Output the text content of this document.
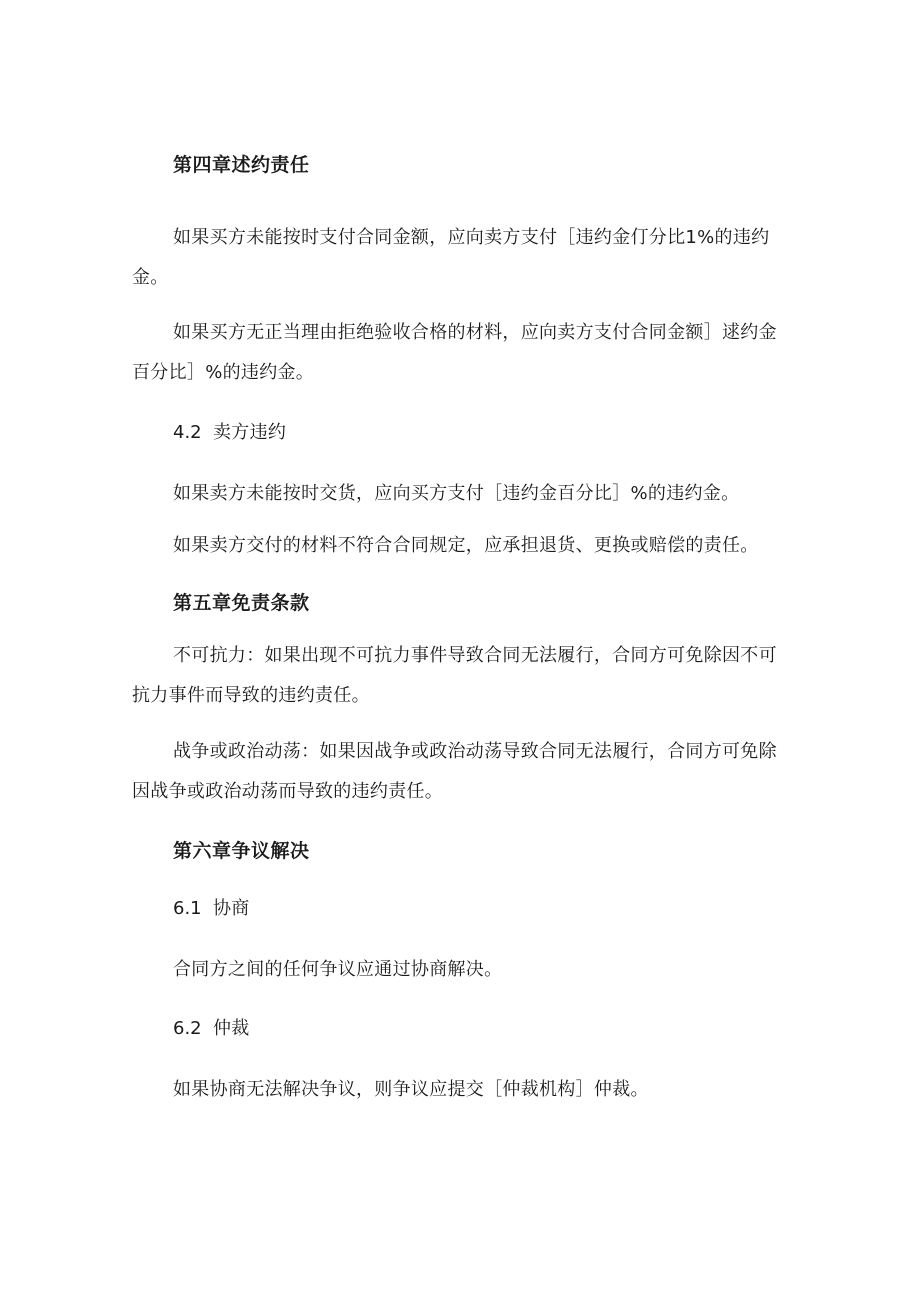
第四章述约责任
如果买方未能按时支付合同金额，应向卖方支付［违约金仃分比1%的违约
金。
如果买方无正当理由拒绝验收合格的材料，应向卖方支付合同金额］逑约金
百分比］%的违约金。
4.2 卖方违约
如果卖方未能按时交货，应向买方支付［违约金百分比］%的违约金。
如果卖方交付的材料不符合合同规定，应承担退货、更换或赔偿的责任。
第五章免责条款
不可抗力：如果出现不可抗力事件导致合同无法履行，合同方可免除因不可
抗力事件而导致的违约责任。
战争或政治动荡：如果因战争或政治动荡导致合同无法履行，合同方可免除
因战争或政治动荡而导致的违约责任。
第六章争议解决
6.1 协商
合同方之间的任何争议应通过协商解决。
6.2 仲裁
如果协商无法解决争议，则争议应提交［仲裁机构］仲裁。
